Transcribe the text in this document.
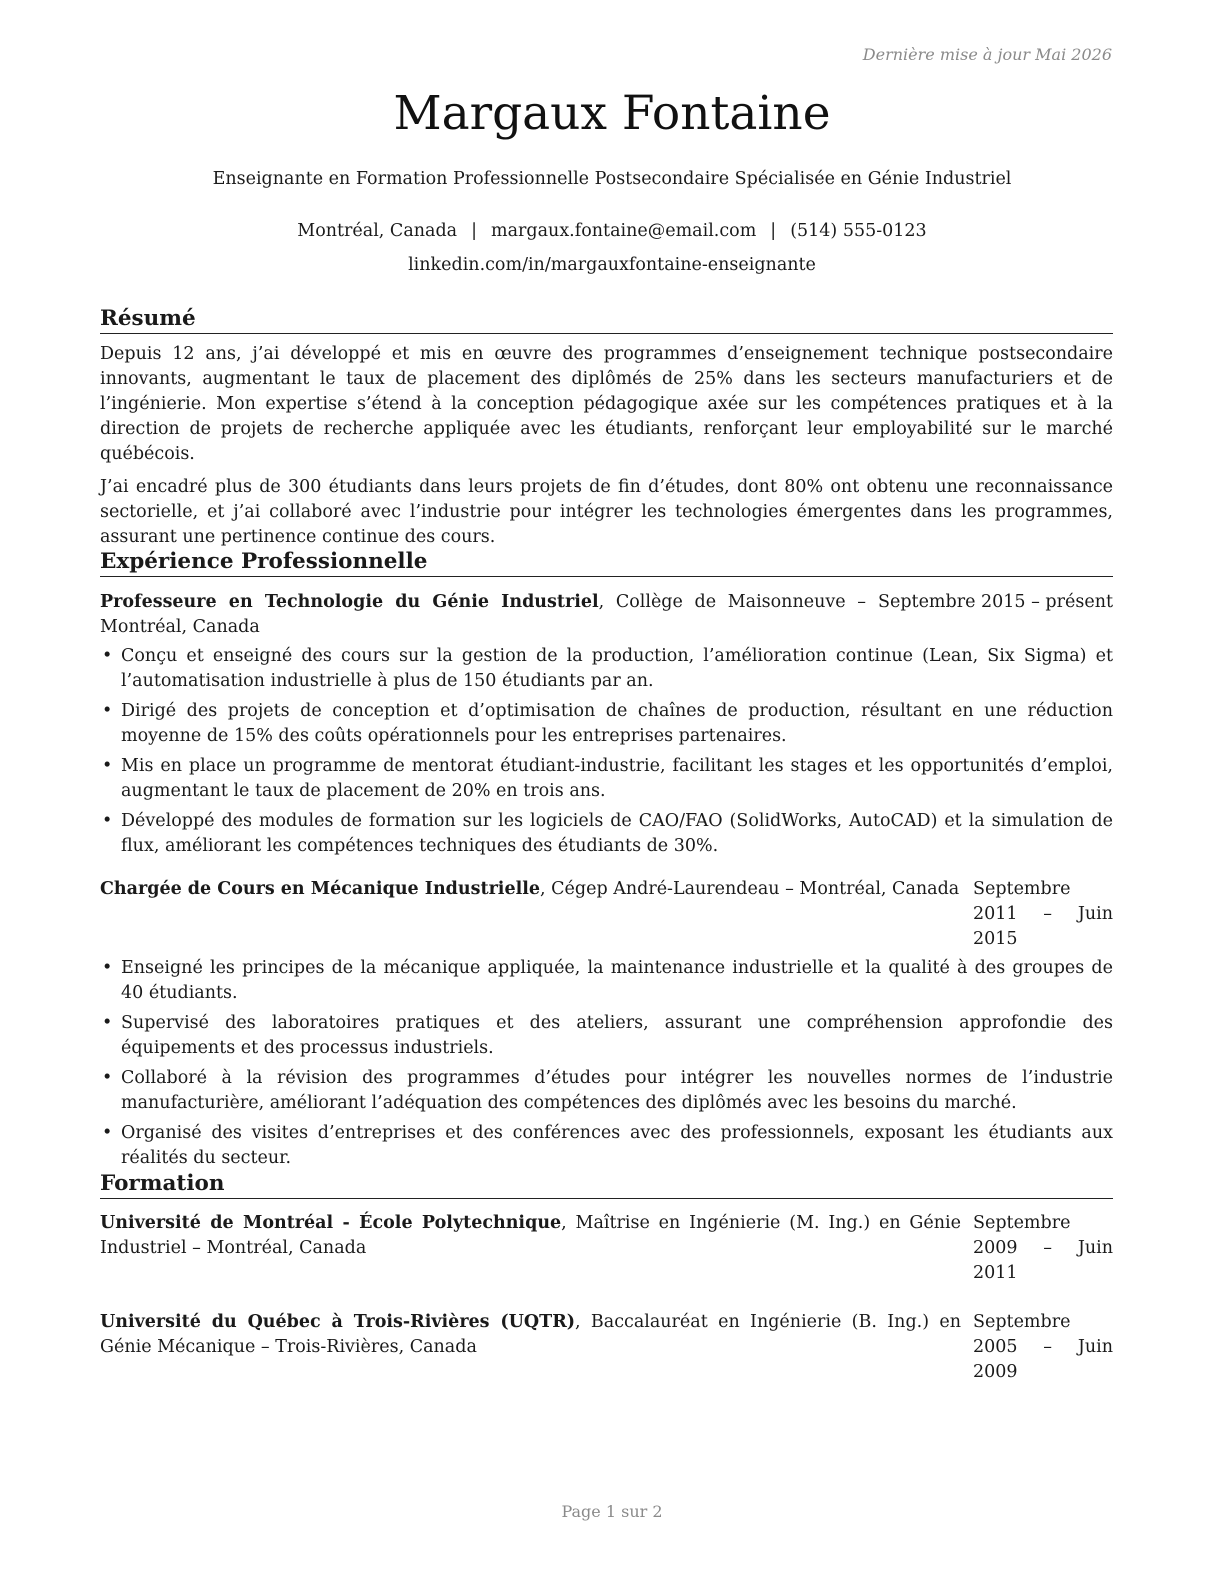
Dernière mise à jour Mai 2026
Margaux Fontaine
Enseignante en Formation Professionnelle Postsecondaire Spécialisée en Génie Industriel
Montréal, Canada | margaux.fontaine@email.com | (514) 555-0123
linkedin.com/in/margauxfontaine-enseignante
Résumé

Depuis 12 ans, j’ai développé et mis en œuvre des programmes d’enseignement technique postsecondaire innovants, augmentant le taux de placement des diplômés de 25% dans les secteurs manufacturiers et de l’ingénierie. Mon expertise s’étend à la conception pédagogique axée sur les compétences pratiques et à la direction de projets de recherche appliquée avec les étudiants, renforçant leur employabilité sur le marché québécois.

J’ai encadré plus de 300 étudiants dans leurs projets de fin d’études, dont 80% ont obtenu une reconnaissance sectorielle, et j’ai collaboré avec l’industrie pour intégrer les technologies émergentes dans les programmes, assurant une pertinence continue des cours.

Expérience Professionnelle
Professeure en Technologie du Génie Industriel, Collège de Maisonneuve – Montréal, Canada
Septembre 2015 – présent
• Conçu et enseigné des cours sur la gestion de la production, l’amélioration continue (Lean, Six Sigma) et l’automatisation industrielle à plus de 150 étudiants par an.
• Dirigé des projets de conception et d’optimisation de chaînes de production, résultant en une réduction moyenne de 15% des coûts opérationnels pour les entreprises partenaires.
• Mis en place un programme de mentorat étudiant-industrie, facilitant les stages et les opportunités d’emploi, augmentant le taux de placement de 20% en trois ans.
• Développé des modules de formation sur les logiciels de CAO/FAO (SolidWorks, AutoCAD) et la simulation de flux, améliorant les compétences techniques des étudiants de 30%.
Chargée de Cours en Mécanique Industrielle, Cégep André-Laurendeau – Montréal, Canada Septembre 2011 – Juin 2015
• Enseigné les principes de la mécanique appliquée, la maintenance industrielle et la qualité à des groupes de 40 étudiants.
• Supervisé des laboratoires pratiques et des ateliers, assurant une compréhension approfondie des équipements et des processus industriels.
• Collaboré à la révision des programmes d’études pour intégrer les nouvelles normes de l’industrie manufacturière, améliorant l’adéquation des compétences des diplômés avec les besoins du marché.
• Organisé des visites d’entreprises et des conférences avec des professionnels, exposant les étudiants aux réalités du secteur.
Formation
Université de Montréal - École Polytechnique, Maîtrise en Ingénierie (M. Ing.) en Génie Industriel – Montréal, Canada
Septembre 2009 – Juin 2011
Université du Québec à Trois-Rivières (UQTR), Baccalauréat en Ingénierie (B. Ing.) en Génie Mécanique – Trois-Rivières, Canada
Septembre 2005 – Juin 2009
Page 1 sur 2
